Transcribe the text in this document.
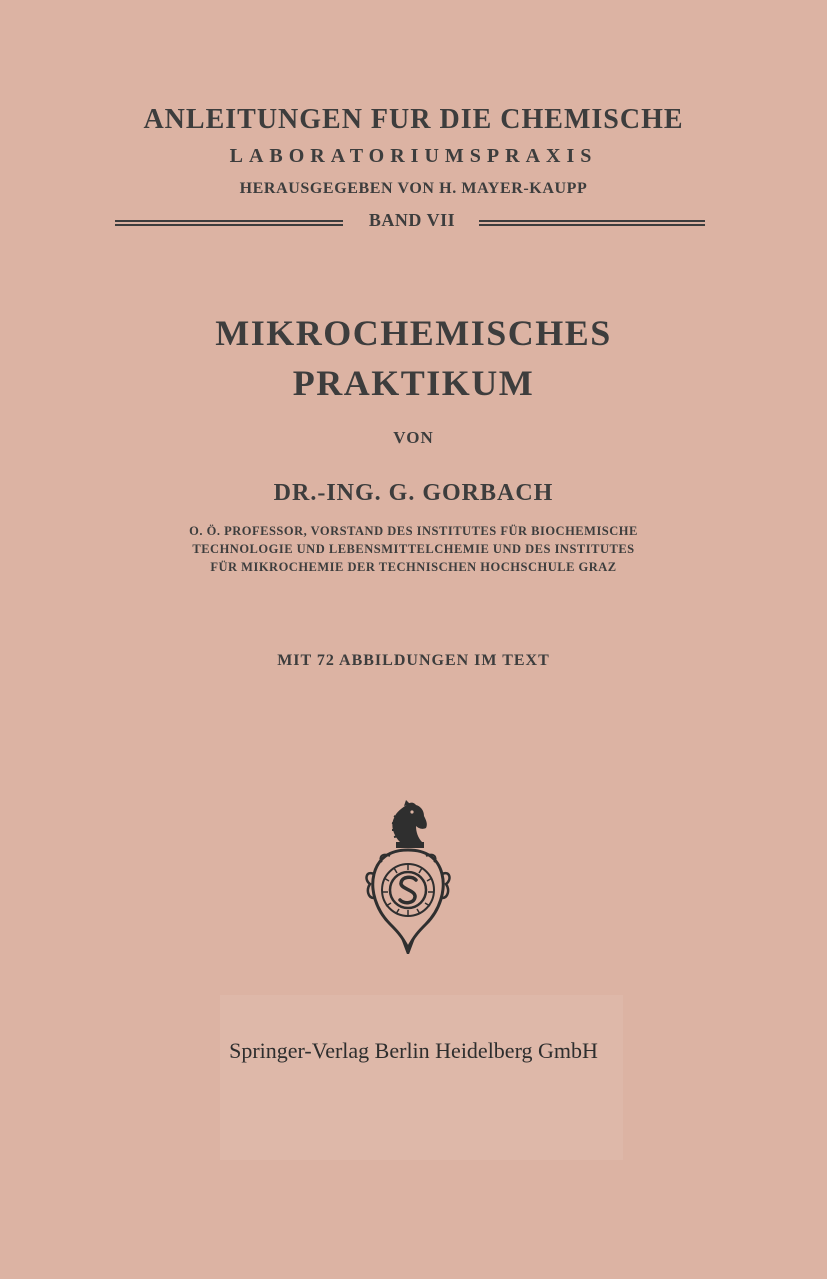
ANLEITUNGEN FUR DIE CHEMISCHE
LABORATORIUMSPRAXIS
HERAUSGEGEBEN VON H. MAYER-KAUPP
BAND VII
MIKROCHEMISCHES
PRAKTIKUM
VON
DR.-ING. G. GORBACH
O. Ö. PROFESSOR, VORSTAND DES INSTITUTES FÜR BIOCHEMISCHE
TECHNOLOGIE UND LEBENSMITTELCHEMIE UND DES INSTITUTES
FÜR MIKROCHEMIE DER TECHNISCHEN HOCHSCHULE GRAZ
MIT 72 ABBILDUNGEN IM TEXT
Springer-Verlag Berlin Heidelberg GmbH
